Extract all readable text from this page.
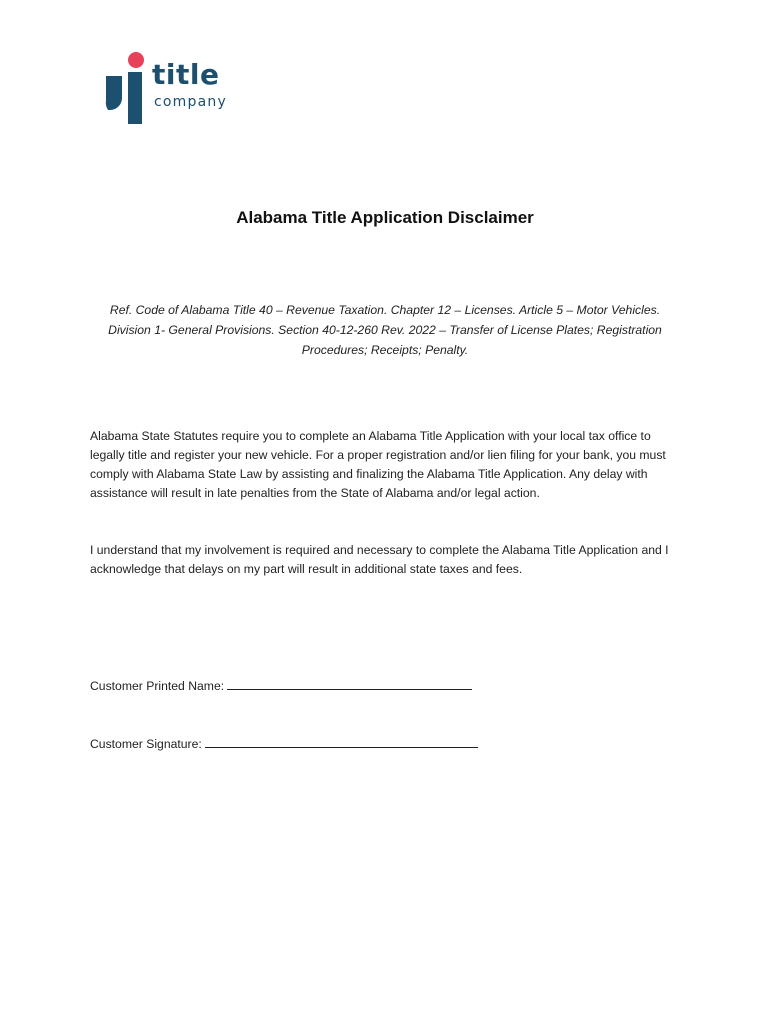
title
company
Alabama Title Application Disclaimer
Ref. Code of Alabama Title 40 – Revenue Taxation. Chapter 12 – Licenses. Article 5 – Motor Vehicles. Division 1- General Provisions. Section 40-12-260 Rev. 2022 – Transfer of License Plates; Registration Procedures; Receipts; Penalty.
Alabama State Statutes require you to complete an Alabama Title Application with your local tax office to legally title and register your new vehicle. For a proper registration and/or lien filing for your bank, you must comply with Alabama State Law by assisting and finalizing the Alabama Title Application. Any delay with assistance will result in late penalties from the State of Alabama and/or legal action.
I understand that my involvement is required and necessary to complete the Alabama Title Application and I acknowledge that delays on my part will result in additional state taxes and fees.
Customer Printed Name:
Customer Signature:
